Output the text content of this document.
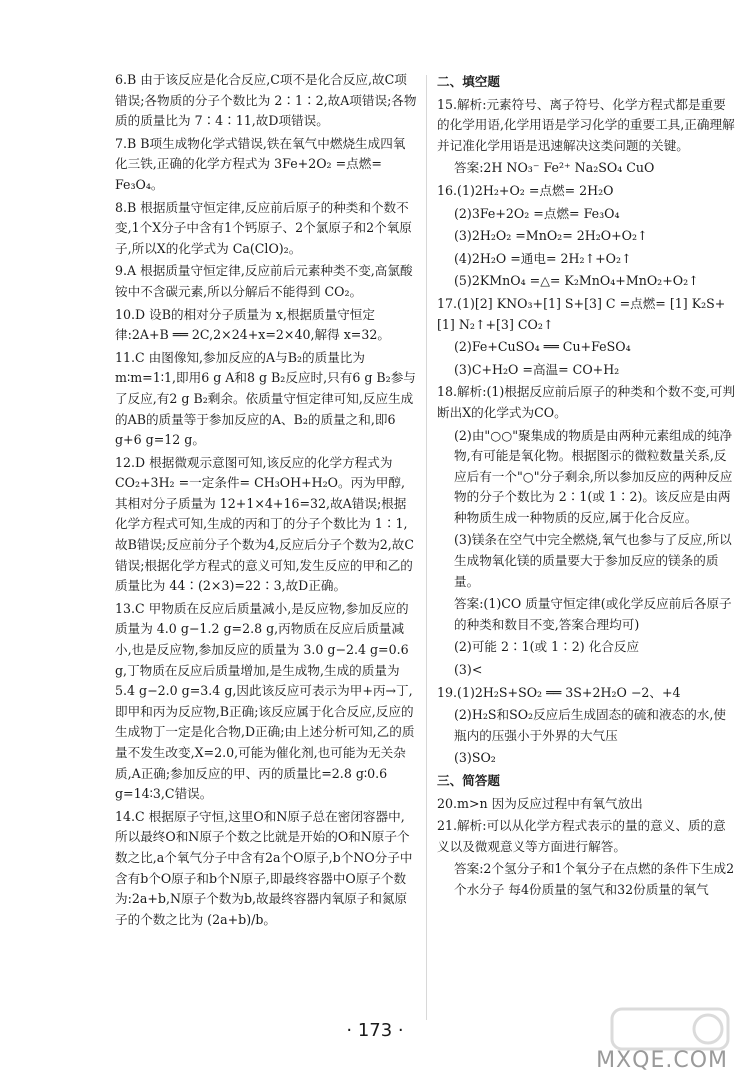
6.B 由于该反应是化合反应,C项不是化合反应,故C项错误;各物质的分子个数比为 2∶1∶2,故A项错误;各物质的质量比为 7∶4∶11,故D项错误。

7.B B项生成物化学式错误,铁在氧气中燃烧生成四氧化三铁,正确的化学方程式为 3Fe+2O₂ =点燃= Fe₃O₄。

8.B 根据质量守恒定律,反应前后原子的种类和个数不变,1个X分子中含有1个钙原子、2个氯原子和2个氧原子,所以X的化学式为 Ca(ClO)₂。

9.A 根据质量守恒定律,反应前后元素种类不变,高氯酸铵中不含碳元素,所以分解后不能得到 CO₂。

10.D 设B的相对分子质量为 x,根据质量守恒定律:2A+B ══ 2C,2×24+x=2×40,解得 x=32。

11.C 由图像知,参加反应的A与B₂的质量比为 m∶m=1∶1,即用6 g A和8 g B₂反应时,只有6 g B₂参与了反应,有2 g B₂剩余。依质量守恒定律可知,反应生成的AB的质量等于参加反应的A、B₂的质量之和,即6 g+6 g=12 g。

12.D 根据微观示意图可知,该反应的化学方程式为 CO₂+3H₂ =一定条件= CH₃OH+H₂O。丙为甲醇,其相对分子质量为 12+1×4+16=32,故A错误;根据化学方程式可知,生成的丙和丁的分子个数比为 1∶1,故B错误;反应前分子个数为4,反应后分子个数为2,故C错误;根据化学方程式的意义可知,发生反应的甲和乙的质量比为 44∶(2×3)=22∶3,故D正确。

13.C 甲物质在反应后质量减小,是反应物,参加反应的质量为 4.0 g−1.2 g=2.8 g,丙物质在反应后质量减小,也是反应物,参加反应的质量为 3.0 g−2.4 g=0.6 g,丁物质在反应后质量增加,是生成物,生成的质量为 5.4 g−2.0 g=3.4 g,因此该反应可表示为甲+丙→丁,即甲和丙为反应物,B正确;该反应属于化合反应,反应的生成物丁一定是化合物,D正确;由上述分析可知,乙的质量不发生改变,X=2.0,可能为催化剂,也可能为无关杂质,A正确;参加反应的甲、丙的质量比=2.8 g∶0.6 g=14∶3,C错误。

14.C 根据原子守恒,这里O和N原子总在密闭容器中,所以最终O和N原子个数之比就是开始的O和N原子个数之比,a个氧气分子中含有2a个O原子,b个NO分子中含有b个O原子和b个N原子,即最终容器中O原子个数为:2a+b,N原子个数为b,故最终容器内氧原子和氮原子的个数之比为 (2a+b)/b。

二、填空题

15.解析:元素符号、离子符号、化学方程式都是重要的化学用语,化学用语是学习化学的重要工具,正确理解并记准化学用语是迅速解决这类问题的关键。

答案:2H NO₃⁻ Fe²⁺ Na₂SO₄ CuO

16.(1)2H₂+O₂ =点燃= 2H₂O

(2)3Fe+2O₂ =点燃= Fe₃O₄

(3)2H₂O₂ =MnO₂= 2H₂O+O₂↑

(4)2H₂O =通电= 2H₂↑+O₂↑

(5)2KMnO₄ =△= K₂MnO₄+MnO₂+O₂↑

17.(1)[2] KNO₃+[1] S+[3] C =点燃= [1] K₂S+[1] N₂↑+[3] CO₂↑

(2)Fe+CuSO₄ ══ Cu+FeSO₄

(3)C+H₂O =高温= CO+H₂

18.解析:(1)根据反应前后原子的种类和个数不变,可判断出X的化学式为CO。

(2)由"○○"聚集成的物质是由两种元素组成的纯净物,有可能是氧化物。根据图示的微粒数量关系,反应后有一个"○"分子剩余,所以参加反应的两种反应物的分子个数比为 2∶1(或 1∶2)。该反应是由两种物质生成一种物质的反应,属于化合反应。

(3)镁条在空气中完全燃烧,氧气也参与了反应,所以生成物氧化镁的质量要大于参加反应的镁条的质量。

答案:(1)CO 质量守恒定律(或化学反应前后各原子的种类和数目不变,答案合理均可)

(2)可能 2∶1(或 1∶2) 化合反应

(3)<

19.(1)2H₂S+SO₂ ══ 3S+2H₂O −2、+4

(2)H₂S和SO₂反应后生成固态的硫和液态的水,使瓶内的压强小于外界的大气压

(3)SO₂

三、简答题

20.m>n 因为反应过程中有氧气放出

21.解析:可以从化学方程式表示的量的意义、质的意义以及微观意义等方面进行解答。

答案:2个氢分子和1个氧分子在点燃的条件下生成2个水分子 每4份质量的氢气和32份质量的氧气

· 173 ·
MXQE.COM
